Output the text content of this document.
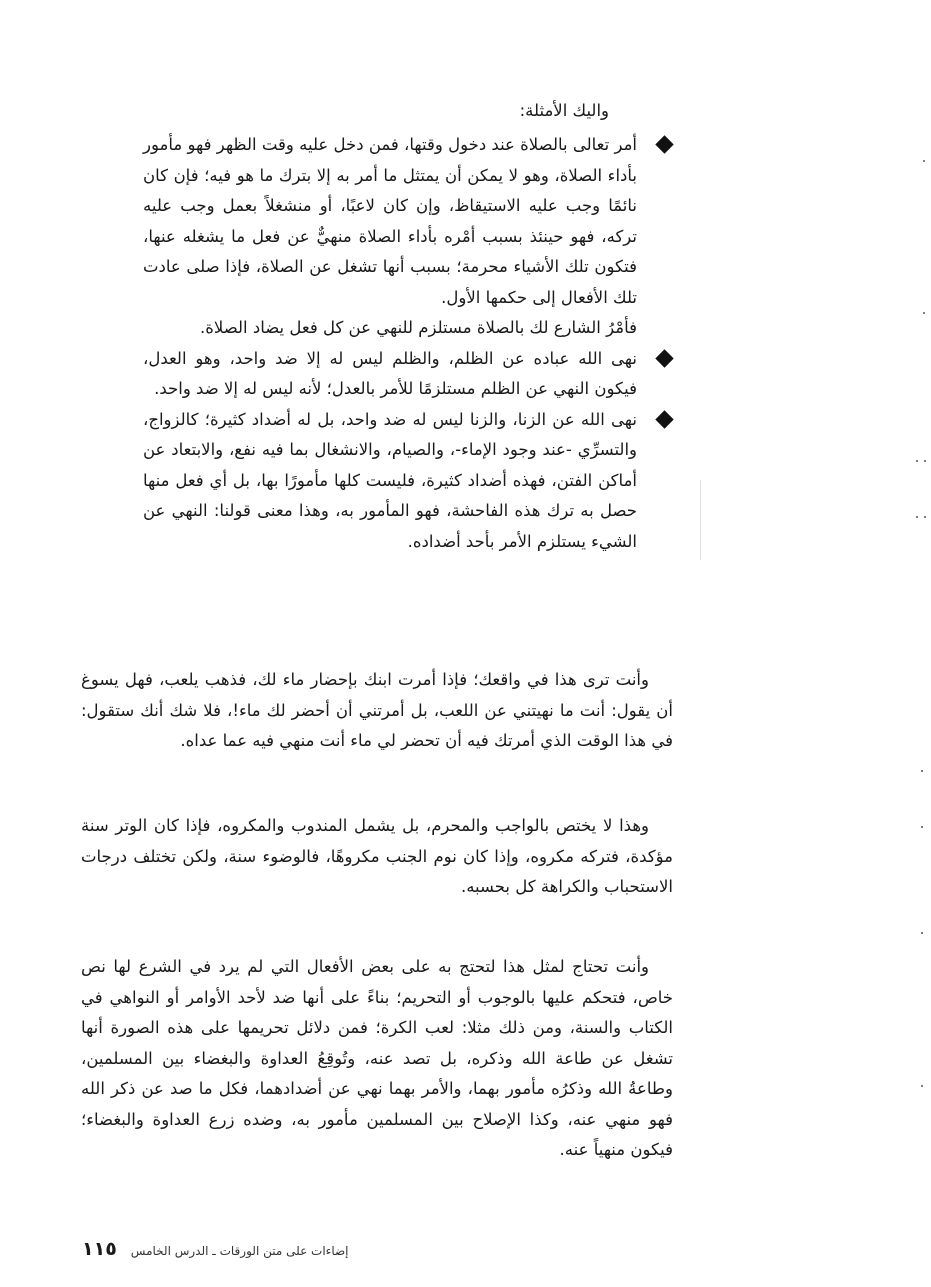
واليك الأمثلة:

أمر تعالى بالصلاة عند دخول وقتها، فمن دخل عليه وقت الظهر فهو مأمور بأداء الصلاة، وهو لا يمكن أن يمتثل ما أمر به إلا بترك ما هو فيه؛ فإن كان نائمًا وجب عليه الاستيقاظ، وإن كان لاعبًا، أو منشغلاً بعمل وجب عليه تركه، فهو حينئذ بسبب أمْره بأداء الصلاة منهيٌّ عن فعل ما يشغله عنها، فتكون تلك الأشياء محرمة؛ بسبب أنها تشغل عن الصلاة، فإذا صلى عادت تلك الأفعال إلى حكمها الأول.

فأمْرُ الشارع لك بالصلاة مستلزم للنهي عن كل فعل يضاد الصلاة.

نهى الله عباده عن الظلم، والظلم ليس له إلا ضد واحد، وهو العدل، فيكون النهي عن الظلم مستلزمًا للأمر بالعدل؛ لأنه ليس له إلا ضد واحد.

نهى الله عن الزنا، والزنا ليس له ضد واحد، بل له أضداد كثيرة؛ كالزواج، والتسرِّي -عند وجود الإماء-، والصيام، والانشغال بما فيه نفع، والابتعاد عن أماكن الفتن، فهذه أضداد كثيرة، فليست كلها مأمورًا بها، بل أي فعل منها حصل به ترك هذه الفاحشة، فهو المأمور به، وهذا معنى قولنا: النهي عن الشيء يستلزم الأمر بأحد أضداده.

وأنت ترى هذا في واقعك؛ فإذا أمرت ابنك بإحضار ماء لك، فذهب يلعب، فهل يسوغ أن يقول: أنت ما نهيتني عن اللعب، بل أمرتني أن أحضر لك ماء!، فلا شك أنك ستقول: في هذا الوقت الذي أمرتك فيه أن تحضر لي ماء أنت منهي فيه عما عداه.

وهذا لا يختص بالواجب والمحرم، بل يشمل المندوب والمكروه، فإذا كان الوتر سنة مؤكدة، فتركه مكروه، وإذا كان نوم الجنب مكروهًا، فالوضوء سنة، ولكن تختلف درجات الاستحباب والكراهة كل بحسبه.

وأنت تحتاج لمثل هذا لتحتج به على بعض الأفعال التي لم يرد في الشرع لها نص خاص، فتحكم عليها بالوجوب أو التحريم؛ بناءً على أنها ضد لأحد الأوامر أو النواهي في الكتاب والسنة، ومن ذلك مثلا: لعب الكرة؛ فمن دلائل تحريمها على هذه الصورة أنها تشغل عن طاعة الله وذكره، بل تصد عنه، وتُوقِعُ العداوة والبغضاء بين المسلمين، وطاعةُ الله وذكرُه مأمور بهما، والأمر بهما نهي عن أضدادهما، فكل ما صد عن ذكر الله فهو منهي عنه، وكذا الإصلاح بين المسلمين مأمور به، وضده زرع العداوة والبغضاء؛ فيكون منهياً عنه.

١١٥ إضاءات على متن الورقات ـ الدرس الخامس
